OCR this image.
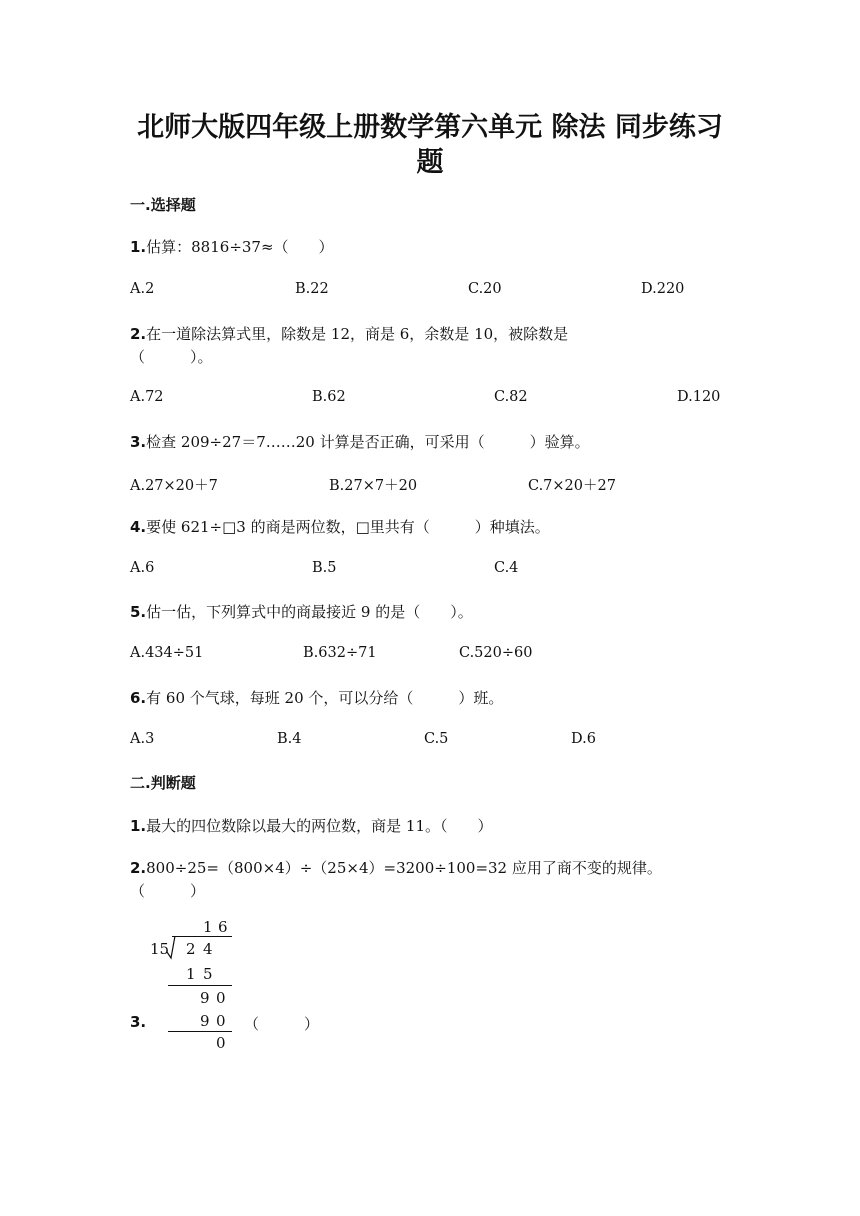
北师大版四年级上册数学第六单元 除法 同步练习
题
一.选择题
1.估算：8816÷37≈（　　）
A.2	B.22	C.20	D.220
2.在一道除法算式里，除数是 12，商是 6，余数是 10，被除数是
（　　　）。
A.72	B.62	C.82	D.120
3.检查 209÷27＝7……20 计算是否正确，可采用（　　　）验算。
A.27×20＋7	B.27×7＋20	C.7×20＋27
4.要使 621÷□3 的商是两位数，□里共有（　　　）种填法。
A.6	B.5	C.4
5.估一估，下列算式中的商最接近 9 的是（　　）。
A.434÷51	B.632÷71	C.520÷60
6.有 60 个气球，每班 20 个，可以分给（　　　）班。
A.3	B.4	C.5	D.6
二.判断题
1.最大的四位数除以最大的两位数，商是 11。（　　）
2.800÷25=（800×4）÷（25×4）=3200÷100=32 应用了商不变的规律。
（　　　）
1 6
15 2 4
1 5
9 0
9 0
0
3.	（　　　）
